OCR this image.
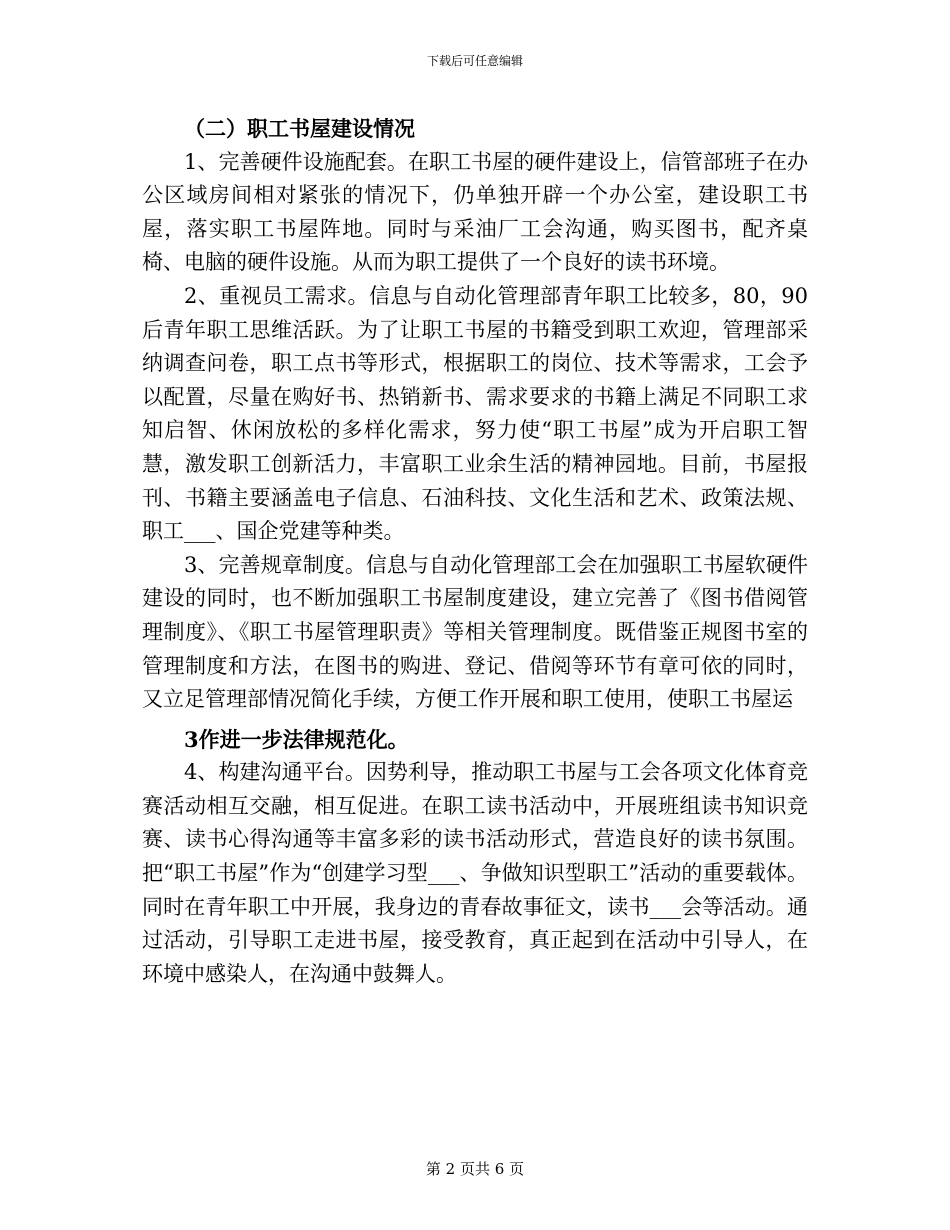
下载后可任意编辑

（二）职工书屋建设情况

1、完善硬件设施配套。在职工书屋的硬件建设上，信管部班子在办公区域房间相对紧张的情况下，仍单独开辟一个办公室，建设职工书屋，落实职工书屋阵地。同时与采油厂工会沟通，购买图书，配齐桌椅、电脑的硬件设施。从而为职工提供了一个良好的读书环境。

2、重视员工需求。信息与自动化管理部青年职工比较多，80，90后青年职工思维活跃。为了让职工书屋的书籍受到职工欢迎，管理部采纳调查问卷，职工点书等形式，根据职工的岗位、技术等需求，工会予以配置，尽量在购好书、热销新书、需求要求的书籍上满足不同职工求知启智、休闲放松的多样化需求，努力使“职工书屋”成为开启职工智慧，激发职工创新活力，丰富职工业余生活的精神园地。目前，书屋报刊、书籍主要涵盖电子信息、石油科技、文化生活和艺术、政策法规、职工___、国企党建等种类。

3、完善规章制度。信息与自动化管理部工会在加强职工书屋软硬件建设的同时，也不断加强职工书屋制度建设，建立完善了《图书借阅管理制度》、《职工书屋管理职责》等相关管理制度。既借鉴正规图书室的管理制度和方法，在图书的购进、登记、借阅等环节有章可依的同时，又立足管理部情况简化手续，方便工作开展和职工使用，使职工书屋运

3作进一步法律规范化。

4、构建沟通平台。因势利导，推动职工书屋与工会各项文化体育竞赛活动相互交融，相互促进。在职工读书活动中，开展班组读书知识竞赛、读书心得沟通等丰富多彩的读书活动形式，营造良好的读书氛围。把“职工书屋”作为“创建学习型___、争做知识型职工”活动的重要载体。同时在青年职工中开展，我身边的青春故事征文，读书___会等活动。通过活动，引导职工走进书屋，接受教育，真正起到在活动中引导人，在环境中感染人，在沟通中鼓舞人。

第 2 页共 6 页
